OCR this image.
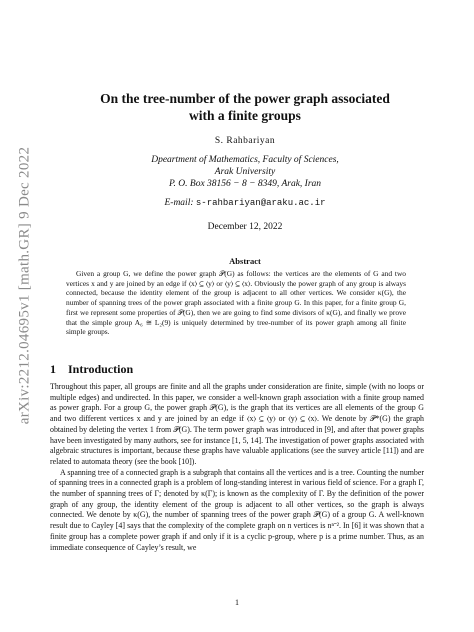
arXiv:2212.04695v1 [math.GR] 9 Dec 2022
On the tree-number of the power graph associated
with a finite groups
S. Rahbariyan
Dpeartment of Mathematics, Faculty of Sciences,
Arak University
P. O. Box 38156 − 8 − 8349, Arak, Iran
E-mail: s-rahbariyan@araku.ac.ir
December 12, 2022
Abstract
Given a group G, we define the power graph 𝒫(G) as follows: the vertices are the elements of G and two vertices x and y are joined by an edge if ⟨x⟩ ⊆ ⟨y⟩ or ⟨y⟩ ⊆ ⟨x⟩. Obviously the power graph of any group is always connected, because the identity element of the group is adjacent to all other vertices. We consider κ(G), the number of spanning trees of the power graph associated with a finite group G. In this paper, for a finite group G, first we represent some properties of 𝒫(G), then we are going to find some divisors of κ(G), and finally we prove that the simple group A₆ ≅ L₂(9) is uniquely determined by tree-number of its power graph among all finite simple groups.
1 Introduction

Throughout this paper, all groups are finite and all the graphs under consideration are finite, simple (with no loops or multiple edges) and undirected. In this paper, we consider a well-known graph association with a finite group named as power graph. For a group G, the power graph 𝒫(G), is the graph that its vertices are all elements of the group G and two different vertices x and y are joined by an edge if ⟨x⟩ ⊆ ⟨y⟩ or ⟨y⟩ ⊆ ⟨x⟩. We denote by 𝒫*(G) the graph obtained by deleting the vertex 1 from 𝒫(G). The term power graph was introduced in [9], and after that power graphs have been investigated by many authors, see for instance [1, 5, 14]. The investigation of power graphs associated with algebraic structures is important, because these graphs have valuable applications (see the survey article [11]) and are related to automata theory (see the book [10]).

A spanning tree of a connected graph is a subgraph that contains all the vertices and is a tree. Counting the number of spanning trees in a connected graph is a problem of long-standing interest in various field of science. For a graph Γ, the number of spanning trees of Γ; denoted by κ(Γ); is known as the complexity of Γ. By the definition of the power graph of any group, the identity element of the group is adjacent to all other vertices, so the graph is always connected. We denote by κ(G), the number of spanning trees of the power graph 𝒫(G) of a group G. A well-known result due to Cayley [4] says that the complexity of the complete graph on n vertices is nⁿ⁻². In [6] it was shown that a finite group has a complete power graph if and only if it is a cyclic p-group, where p is a prime number. Thus, as an immediate consequence of Cayley’s result, we

1
